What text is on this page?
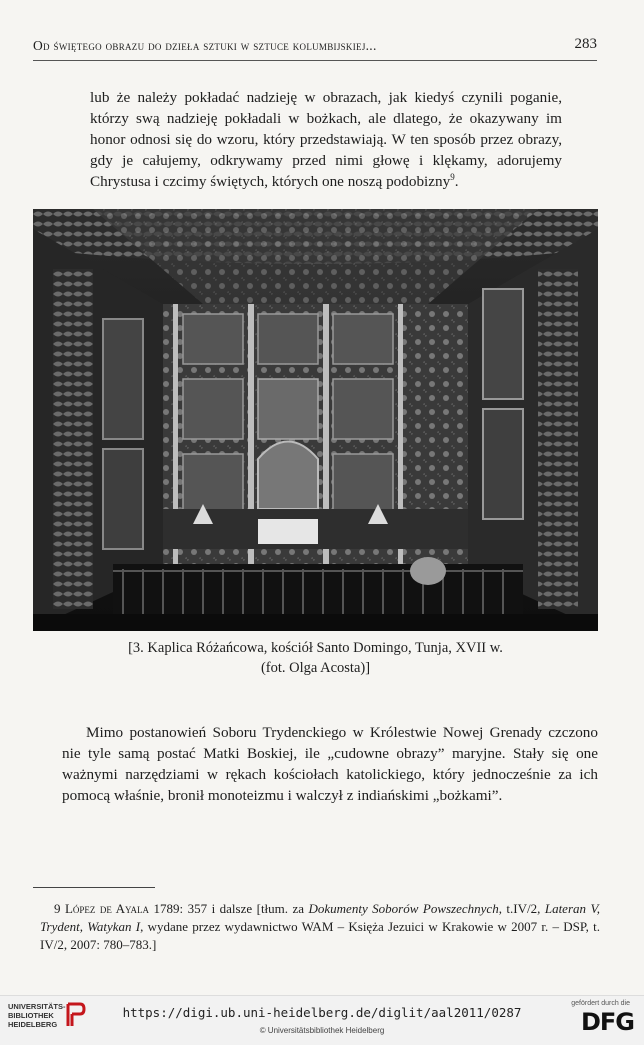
Od świętego obrazu do dzieła sztuki w sztuce kolumbijskiej...	283

lub że należy pokładać nadzieję w obrazach, jak kiedyś czynili poganie, którzy swą nadzieję pokładali w bożkach, ale dlatego, że okazywany im honor odnosi się do wzoru, który przedstawiają. W ten sposób przez obrazy, gdy je całujemy, odkrywamy przed nimi głowę i klękamy, adorujemy Chrystusa i czcimy świętych, których one noszą podobizny$^9$.

[3. Kaplica Różańcowa, kościół Santo Domingo, Tunja, XVII w.
(fot. Olga Acosta)]

Mimo postanowień Soboru Trydenckiego w Królestwie Nowej Grenady czczono nie tyle samą postać Matki Boskiej, ile „cudowne obrazy” maryjne. Stały się one ważnymi narzędziami w rękach kościołach katolickiego, który jednocześnie za ich pomocą właśnie, bronił monoteizmu i walczył z indiańskimi „bożkami”.

9 López de Ayala 1789: 357 i dalsze [tłum. za Dokumenty Soborów Powszechnych, t.IV/2, Lateran V, Trydent, Watykan I, wydane przez wydawnictwo WAM – Księża Jezuici w Krakowie w 2007 r. – DSP, t. IV/2, 2007: 780–783.]

UNIVERSITÄTS-
BIBLIOTHEK
HEIDELBERG
https://digi.ub.uni-heidelberg.de/diglit/aal2011/0287
© Universitätsbibliothek Heidelberg
gefördert durch die
DFG
